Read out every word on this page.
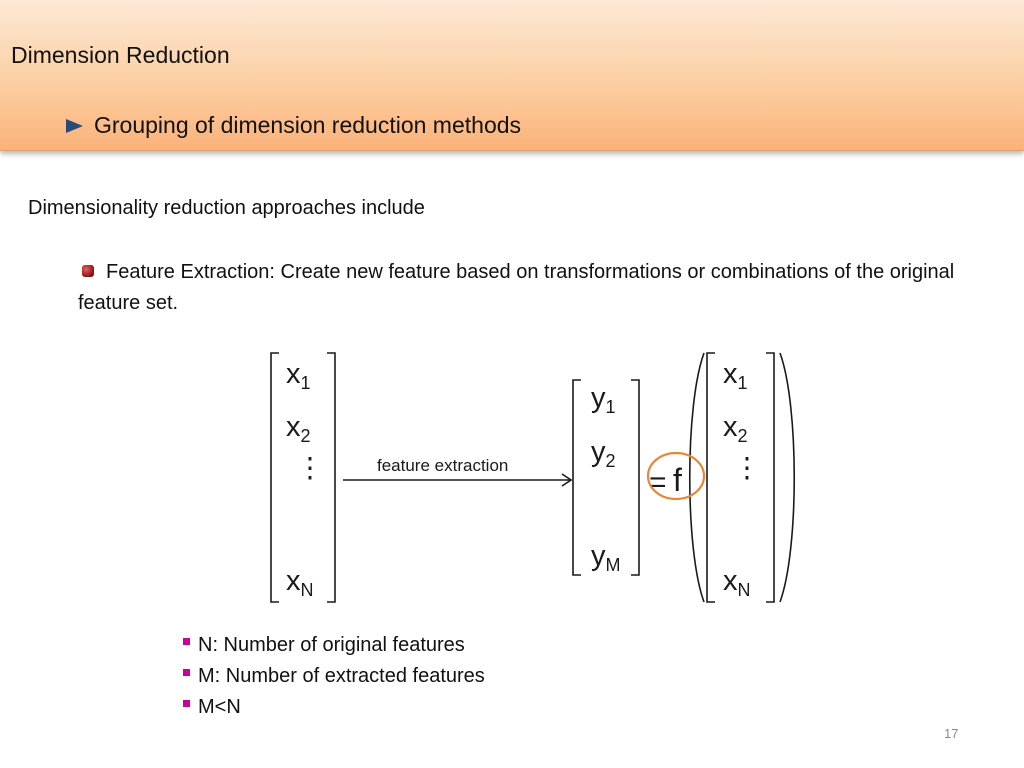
Dimension Reduction
Grouping of dimension reduction methods
Dimensionality reduction approaches include
Feature Extraction: Create new feature based on transformations or combinations of the original feature set.
$x_1$
$x_2$
⋮
$x_N$
feature extraction
$y_1$
$y_2$
$y_M$
= f
$x_1$
$x_2$
⋮
$x_N$
N: Number of original features
M: Number of extracted features
M<N
17
